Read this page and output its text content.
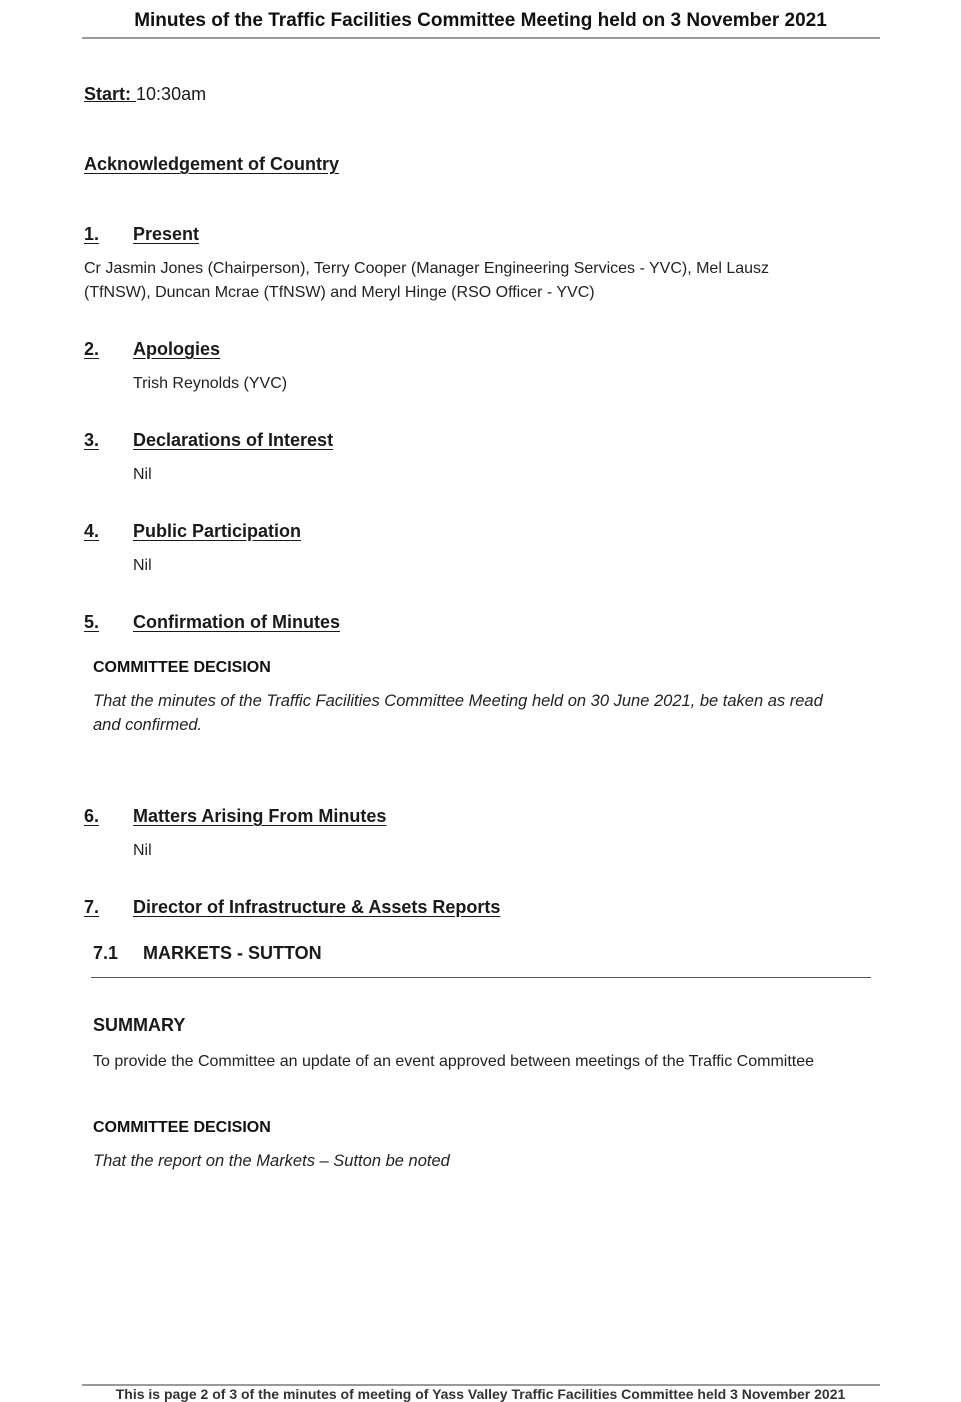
Minutes of the Traffic Facilities Committee Meeting held on 3 November 2021
Start: 10:30am
Acknowledgement of Country
1.	Present
Cr Jasmin Jones (Chairperson), Terry Cooper (Manager Engineering Services - YVC), Mel Lausz
(TfNSW), Duncan Mcrae (TfNSW) and Meryl Hinge (RSO Officer - YVC)
2.	Apologies
Trish Reynolds (YVC)
3.	Declarations of Interest
Nil
4.	Public Participation
Nil
5.	Confirmation of Minutes
COMMITTEE DECISION
That the minutes of the Traffic Facilities Committee Meeting held on 30 June 2021, be taken as read
and confirmed.
6.	Matters Arising From Minutes
Nil
7.	Director of Infrastructure & Assets Reports
7.1 MARKETS - SUTTON
SUMMARY
To provide the Committee an update of an event approved between meetings of the Traffic Committee
COMMITTEE DECISION
That the report on the Markets – Sutton be noted
This is page 2 of 3 of the minutes of meeting of Yass Valley Traffic Facilities Committee held 3 November 2021
